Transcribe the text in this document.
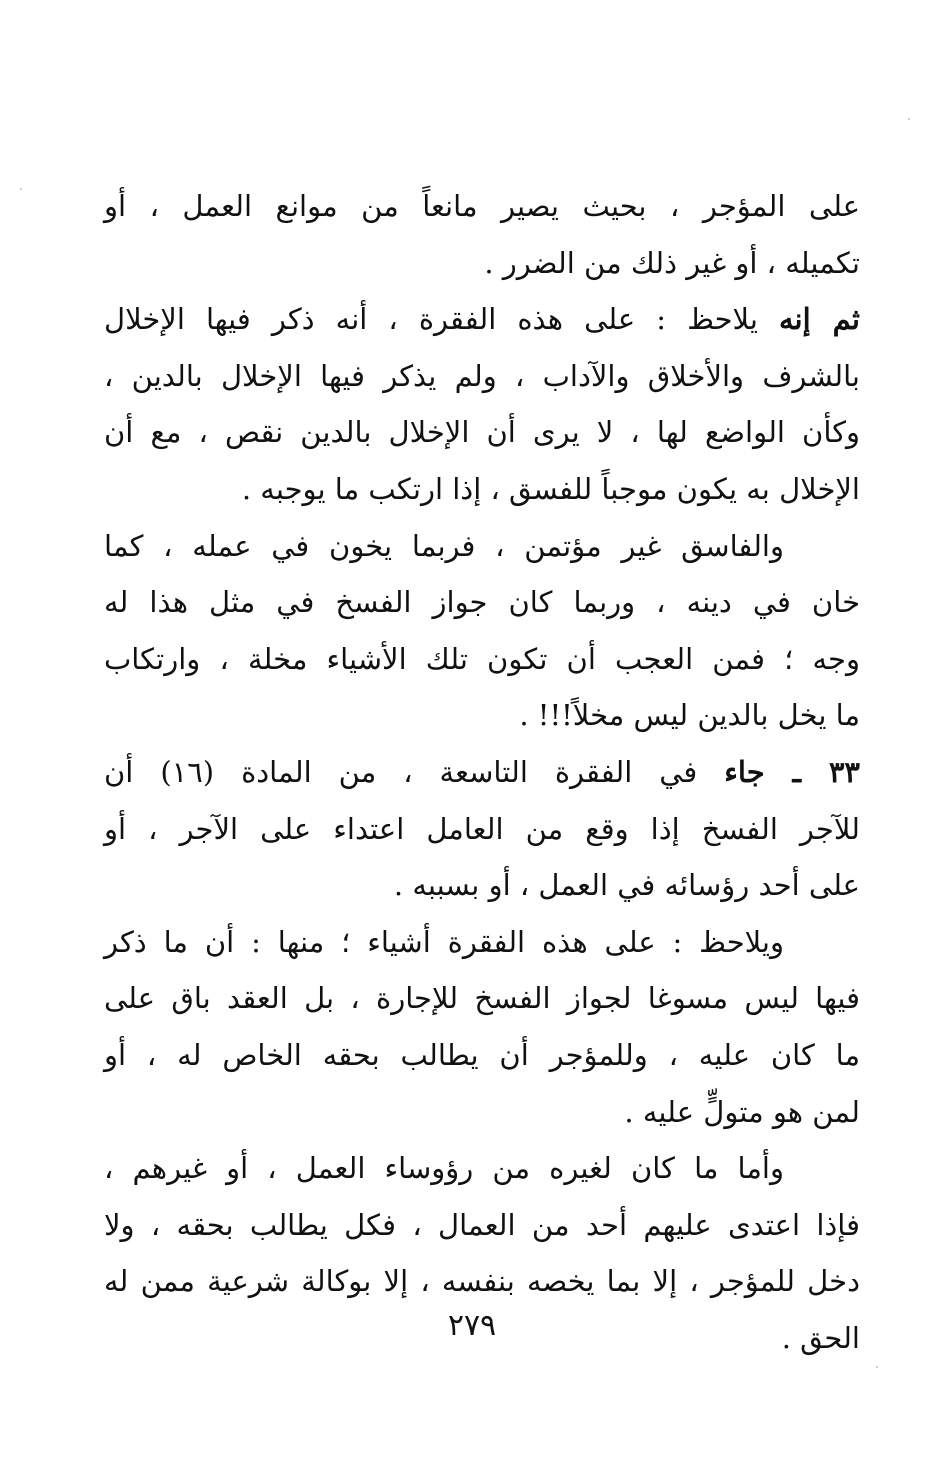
على المؤجر ، بحيث يصير مانعاً من موانع العمل ، أو
تكميله ، أو غير ذلك من الضرر .
ثم إنه يلاحظ : على هذه الفقرة ، أنه ذكر فيها الإخلال
بالشرف والأخلاق والآداب ، ولم يذكر فيها الإخلال بالدين ،
وكأن الواضع لها ، لا يرى أن الإخلال بالدين نقص ، مع أن
الإخلال به يكون موجباً للفسق ، إذا ارتكب ما يوجبه .
والفاسق غير مؤتمن ، فربما يخون في عمله ، كما
خان في دينه ، وربما كان جواز الفسخ في مثل هذا له
وجه ؛ فمن العجب أن تكون تلك الأشياء مخلة ، وارتكاب
ما يخل بالدين ليس مخلاً!!! .
٣٣ ـ جاء في الفقرة التاسعة ، من المادة (١٦) أن
للآجر الفسخ إذا وقع من العامل اعتداء على الآجر ، أو
على أحد رؤسائه في العمل ، أو بسببه .
ويلاحظ : على هذه الفقرة أشياء ؛ منها : أن ما ذكر
فيها ليس مسوغا لجواز الفسخ للإجارة ، بل العقد باق على
ما كان عليه ، وللمؤجر أن يطالب بحقه الخاص له ، أو
لمن هو متولٍّ عليه .
وأما ما كان لغيره من رؤوساء العمل ، أو غيرهم ،
فإذا اعتدى عليهم أحد من العمال ، فكل يطالب بحقه ، ولا
دخل للمؤجر ، إلا بما يخصه بنفسه ، إلا بوكالة شرعية ممن له
الحق .
٢٧٩
